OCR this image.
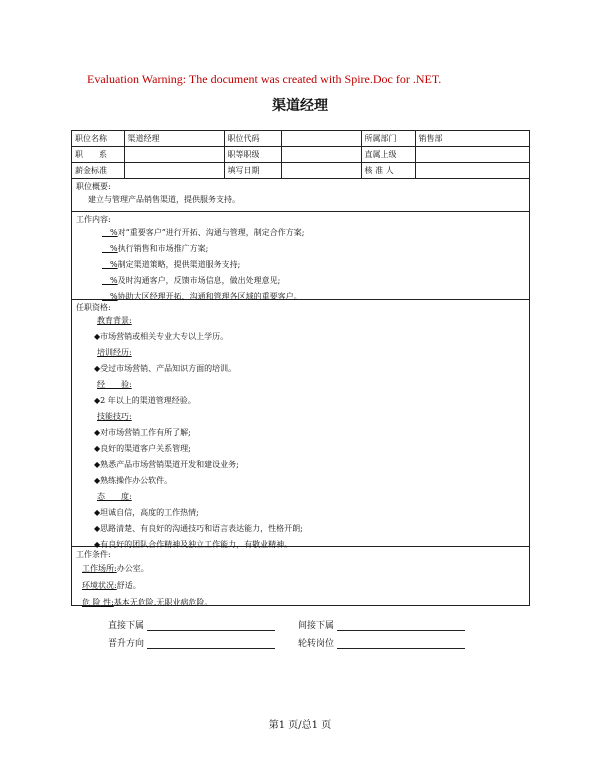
Evaluation Warning: The document was created with Spire.Doc for .NET.
渠道经理
职位名称	渠道经理	职位代码		所属部门	销售部
职　　系		职等职级		直属上级	
薪金标准		填写日期		核 准 人	
职位概要:
建立与管理产品销售渠道，提供服务支持。
工作内容:
__%对“重要客户”进行开拓、沟通与管理，制定合作方案;
__%执行销售和市场推广方案;
__%制定渠道策略，提供渠道服务支持;
__%及时沟通客户，反馈市场信息，做出处理意见;
__%协助大区经理开拓、沟通和管理各区域的重要客户。
任职资格:
教育背景:
◆市场营销或相关专业大专以上学历。
培训经历:
◆受过市场营销、产品知识方面的培训。
经　　验:
◆2 年以上的渠道管理经验。
技能技巧:
◆对市场营销工作有所了解;
◆良好的渠道客户关系管理;
◆熟悉产品市场营销渠道开发和建设业务;
◆熟练操作办公软件。
态　　度:
◆坦诚自信，高度的工作热情;
◆思路清楚、有良好的沟通技巧和语言表达能力，性格开朗;
◆有良好的团队合作精神及独立工作能力，有敬业精神。
工作条件:
工作场所:办公室。
环境状况:舒适。
危 险 性:基本无危险,无职业病危险。
直接下属	间接下属
晋升方向	轮转岗位
第1 页/总1 页
